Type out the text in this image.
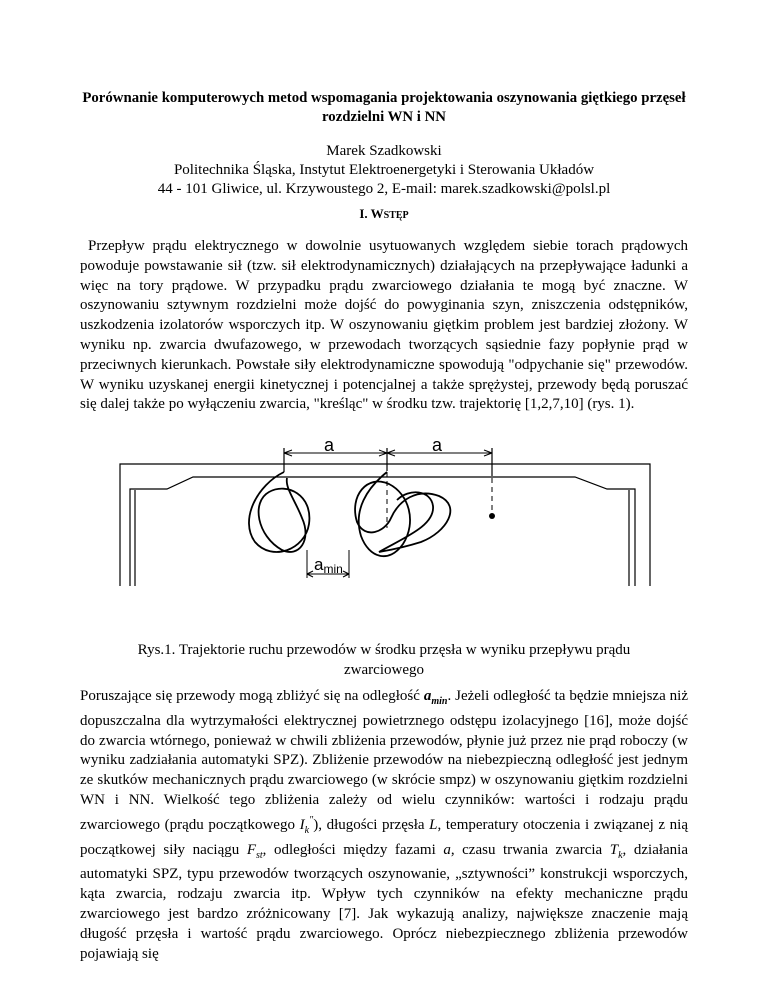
Porównanie komputerowych metod wspomagania projektowania oszynowania giętkiego przęseł rozdzielni WN i NN
Marek Szadkowski
Politechnika Śląska, Instytut Elektroenergetyki i Sterowania Układów
44 - 101 Gliwice, ul. Krzywoustego 2, E-mail: marek.szadkowski@polsl.pl
I. WSTĘP
Przepływ prądu elektrycznego w dowolnie usytuowanych względem siebie torach prądowych powoduje powstawanie sił (tzw. sił elektrodynamicznych) działających na przepływające ładunki a więc na tory prądowe. W przypadku prądu zwarciowego działania te mogą być znaczne. W oszynowaniu sztywnym rozdzielni może dojść do powyginania szyn, zniszczenia odstępników, uszkodzenia izolatorów wsporczych itp. W oszynowaniu giętkim problem jest bardziej złożony. W wyniku np. zwarcia dwufazowego, w przewodach tworzących sąsiednie fazy popłynie prąd w przeciwnych kierunkach. Powstałe siły elektrodynamiczne spowodują "odpychanie się" przewodów. W wyniku uzyskanej energii kinetycznej i potencjalnej a także sprężystej, przewody będą poruszać się dalej także po wyłączeniu zwarcia, "kreśląc" w środku tzw. trajektorię [1,2,7,10] (rys. 1).
a	a
amin
Rys.1. Trajektorie ruchu przewodów w środku przęsła w wyniku przepływu prądu zwarciowego
Poruszające się przewody mogą zbliżyć się na odległość $a_{min}$. Jeżeli odległość ta będzie mniejsza niż dopuszczalna dla wytrzymałości elektrycznej powietrznego odstępu izolacyjnego [16], może dojść do zwarcia wtórnego, ponieważ w chwili zbliżenia przewodów, płynie już przez nie prąd roboczy (w wyniku zadziałania automatyki SPZ). Zbliżenie przewodów na niebezpieczną odległość jest jednym ze skutków mechanicznych prądu zwarciowego (w skrócie smpz) w oszynowaniu giętkim rozdzielni WN i NN. Wielkość tego zbliżenia zależy od wielu czynników: wartości i rodzaju prądu zwarciowego (prądu początkowego $I_k^"$), długości przęsła L, temperatury otoczenia i związanej z nią początkowej siły naciągu $F_{st}$, odległości między fazami a, czasu trwania zwarcia $T_k$, działania automatyki SPZ, typu przewodów tworzących oszynowanie, „sztywności” konstrukcji wsporczych, kąta zwarcia, rodzaju zwarcia itp. Wpływ tych czynników na efekty mechaniczne prądu zwarciowego jest bardzo zróżnicowany [7]. Jak wykazują analizy, największe znaczenie mają długość przęsła i wartość prądu zwarciowego. Oprócz niebezpiecznego zbliżenia przewodów pojawiają się
